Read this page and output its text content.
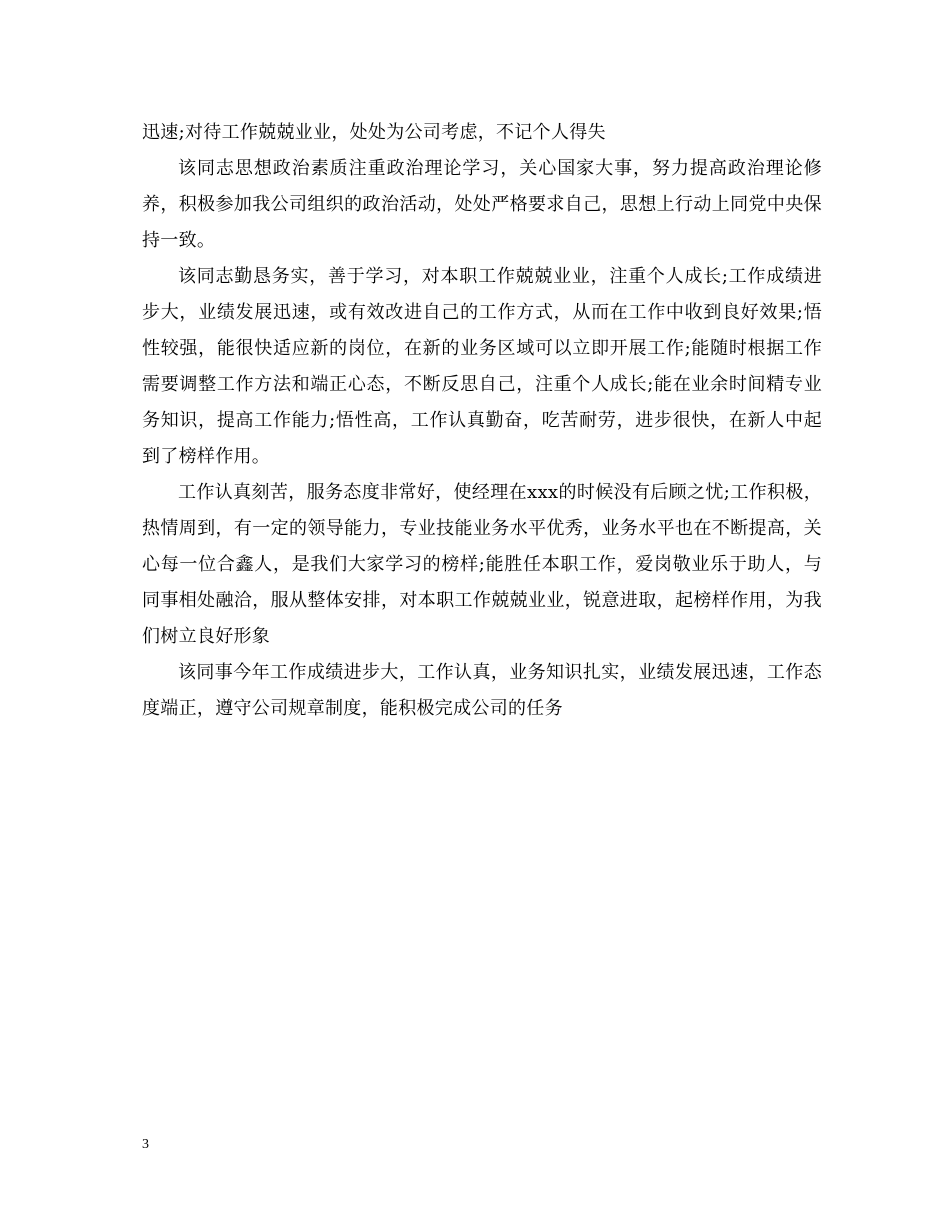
迅速;对待工作兢兢业业，处处为公司考虑，不记个人得失

该同志思想政治素质注重政治理论学习，关心国家大事，努力提高政治理论修养，积极参加我公司组织的政治活动，处处严格要求自己，思想上行动上同党中央保持一致。

该同志勤恳务实，善于学习，对本职工作兢兢业业，注重个人成长;工作成绩进步大，业绩发展迅速，或有效改进自己的工作方式，从而在工作中收到良好效果;悟性较强，能很快适应新的岗位，在新的业务区域可以立即开展工作;能随时根据工作需要调整工作方法和端正心态，不断反思自己，注重个人成长;能在业余时间精专业务知识，提高工作能力;悟性高，工作认真勤奋，吃苦耐劳，进步很快，在新人中起到了榜样作用。

工作认真刻苦，服务态度非常好，使经理在xxx的时候没有后顾之忧;工作积极，热情周到，有一定的领导能力，专业技能业务水平优秀，业务水平也在不断提高，关心每一位合鑫人，是我们大家学习的榜样;能胜任本职工作，爱岗敬业乐于助人，与同事相处融洽，服从整体安排，对本职工作兢兢业业，锐意进取，起榜样作用，为我们树立良好形象

该同事今年工作成绩进步大，工作认真，业务知识扎实，业绩发展迅速，工作态度端正，遵守公司规章制度，能积极完成公司的任务

3
